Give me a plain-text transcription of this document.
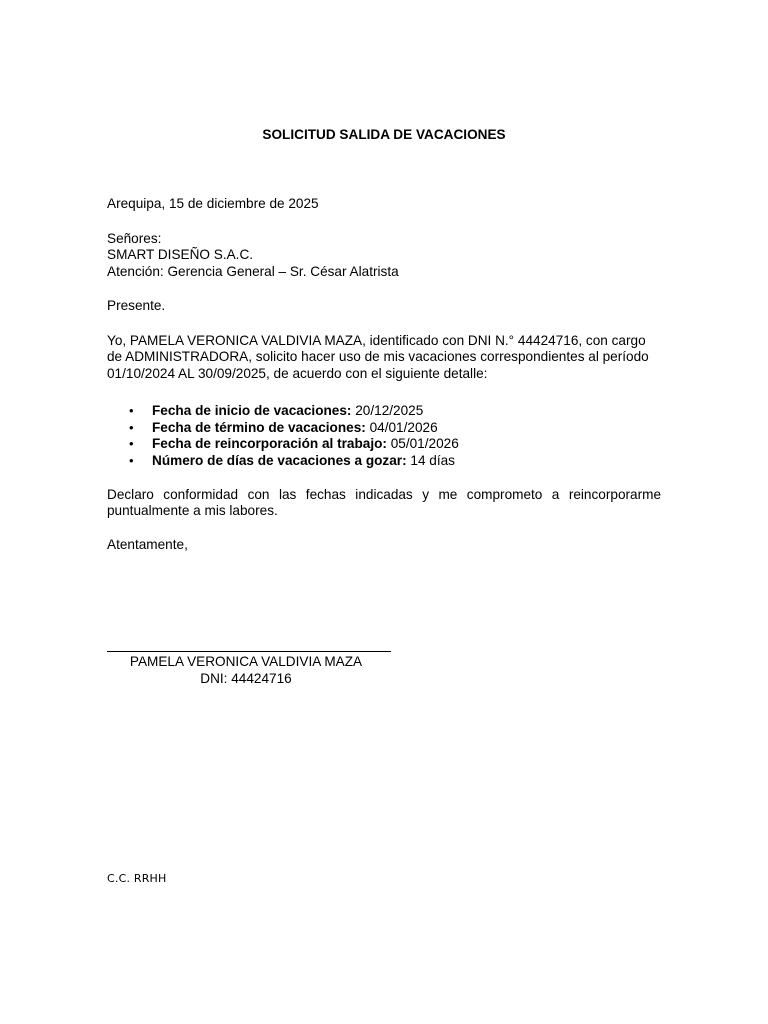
SOLICITUD SALIDA DE VACACIONES

Arequipa, 15 de diciembre de 2025

Señores:

SMART DISEÑO S.A.C.

Atención: Gerencia General – Sr. César Alatrista

Presente.

Yo, PAMELA VERONICA VALDIVIA MAZA, identificado con DNI N.° 44424716, con cargo

de ADMINISTRADORA, solicito hacer uso de mis vacaciones correspondientes al período

01/10/2024 AL 30/09/2025, de acuerdo con el siguiente detalle:

• Fecha de inicio de vacaciones: 20/12/2025
• Fecha de término de vacaciones: 04/01/2026
• Fecha de reincorporación al trabajo: 05/01/2026
• Número de días de vacaciones a gozar: 14 días

Declaro conformidad con las fechas indicadas y me comprometo a reincorporarme

puntualmente a mis labores.

Atentamente,

PAMELA VERONICA VALDIVIA MAZA
DNI: 44424716
C.C. RRHH
